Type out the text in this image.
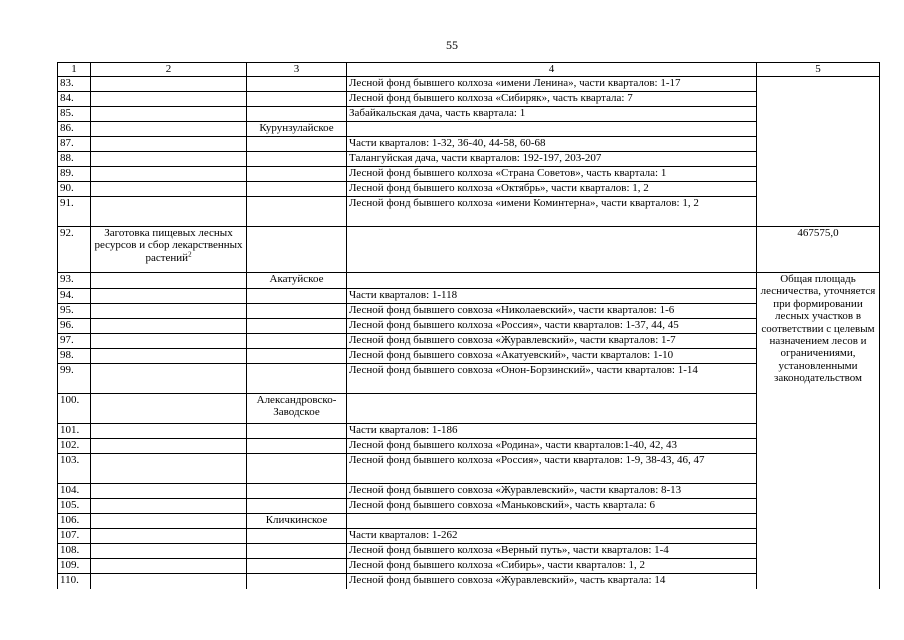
55
1	2	3	4	5
83.			Лесной фонд бывшего колхоза «имени Ленина», части кварталов: 1-17	
84.			Лесной фонд бывшего колхоза «Сибиряк», часть квартала: 7	
85.			Забайкальская дача, часть квартала: 1	
86.		Курунзулайское		
87.			Части кварталов: 1-32, 36-40, 44-58, 60-68	
88.			Талангуйская дача, части кварталов: 192-197, 203-207	
89.			Лесной фонд бывшего колхоза «Страна Советов», часть квартала: 1	
90.			Лесной фонд бывшего колхоза «Октябрь», части кварталов: 1, 2	
91.			Лесной фонд бывшего колхоза «имени Коминтерна», части кварталов: 1, 2	
92.	Заготовка пищевых лесных ресурсов и сбор лекарственных растений$^2$			467575,0
93.		Акатуйское		Общая площадь лесничества, уточняется при формировании лесных участков в соответствии с целевым назначением лесов и ограничениями, установленными законодательством
94.			Части кварталов: 1-118	
95.			Лесной фонд бывшего совхоза «Николаевский», части кварталов: 1-6	
96.			Лесной фонд бывшего колхоза «Россия», части кварталов: 1-37, 44, 45	
97.			Лесной фонд бывшего совхоза «Журавлевский», части кварталов: 1-7	
98.			Лесной фонд бывшего совхоза «Акатуевский», части кварталов: 1-10	
99.			Лесной фонд бывшего совхоза «Онон-Борзинский», части кварталов: 1-14	
100.		Александровско-Заводское		
101.			Части кварталов: 1-186	
102.			Лесной фонд бывшего колхоза «Родина», части кварталов:1-40, 42, 43	
103.			Лесной фонд бывшего колхоза «Россия», части кварталов: 1-9, 38-43, 46, 47	
104.			Лесной фонд бывшего совхоза «Журавлевский», части кварталов: 8-13	
105.			Лесной фонд бывшего совхоза «Маньковский», часть квартала: 6	
106.		Кличкинское		
107.			Части кварталов: 1-262	
108.			Лесной фонд бывшего колхоза «Верный путь», части кварталов: 1-4	
109.			Лесной фонд бывшего колхоза «Сибирь», части кварталов: 1, 2	
110.			Лесной фонд бывшего совхоза «Журавлевский», часть квартала: 14	
